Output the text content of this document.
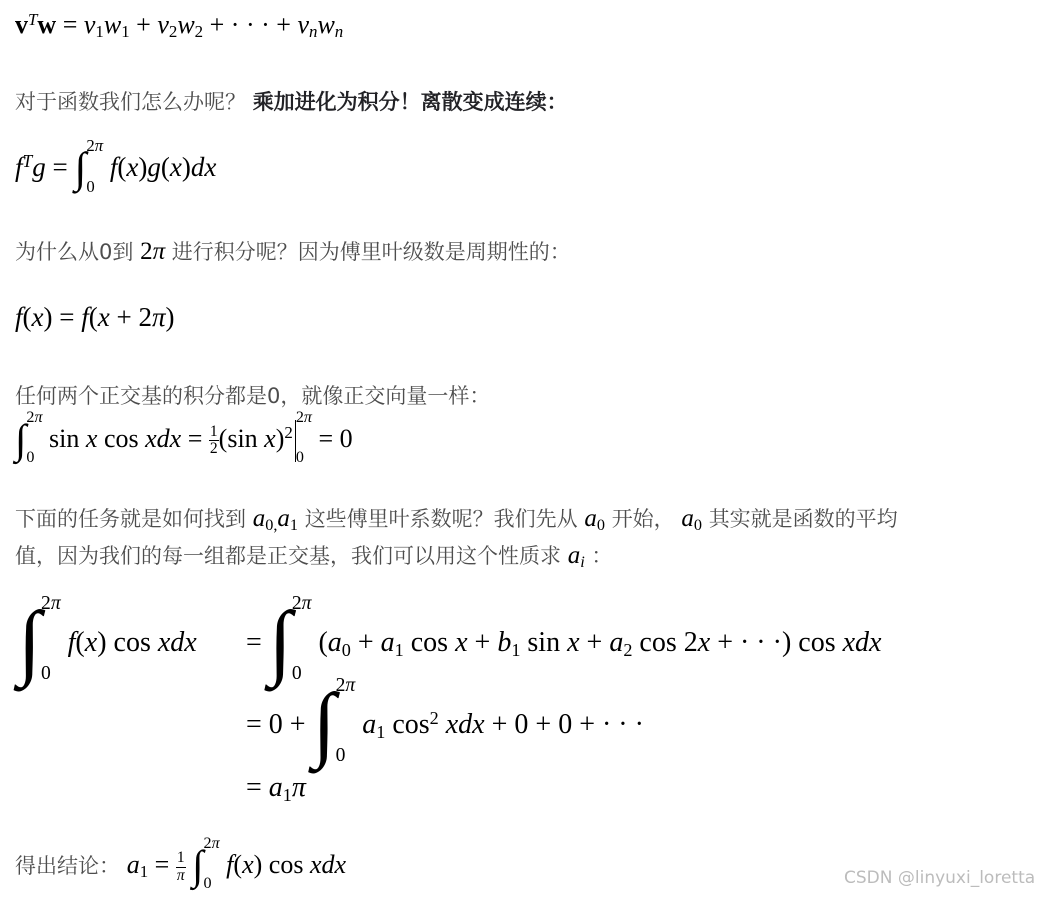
$v^Tw = v_1w_1 + v_2w_2$ + · · · + $v_nw_n$
对于函数我们怎么办呢？ 乘加进化为积分！离散变成连续：
$f^Tg$ = ∫ 2π
0
f(x)g(x)dx
为什么从0到 2π 进行积分呢？因为傅里叶级数是周期性的：
f(x) = f(x + 2π)
任何两个正交基的积分都是0，就像正交向量一样：
∫ 2π
0
sin x cos xdx = $\frac{1}{2} (\sin$ x)$^2$
2π
0
= 0
下面的任务就是如何找到 $a_{0,}a_1$ 这些傅里叶系数呢？我们先从 $a_0$ 开始， $a_0$ 其实就是函数的平均
值，因为我们的每一组都是正交基，我们可以用这个性质求 $a_i$ ：
∫ 2π
0
f(x) cos xdx = ∫ 2π
0
($a_0 + a_1$ $\cos x + b_1$ $\sin x + a_2$ cos 2x + · · ·) cos xdx
= 0 + ∫ 2π
0
$a_1$ $\cos^2$ xdx + 0 + 0 + · · ·
= $a_1\pi$
得出结论： $a_1 = \frac{1}{\pi}$ ∫ 2π
0
f(x) cos xdx	CSDN @linyuxi_loretta
